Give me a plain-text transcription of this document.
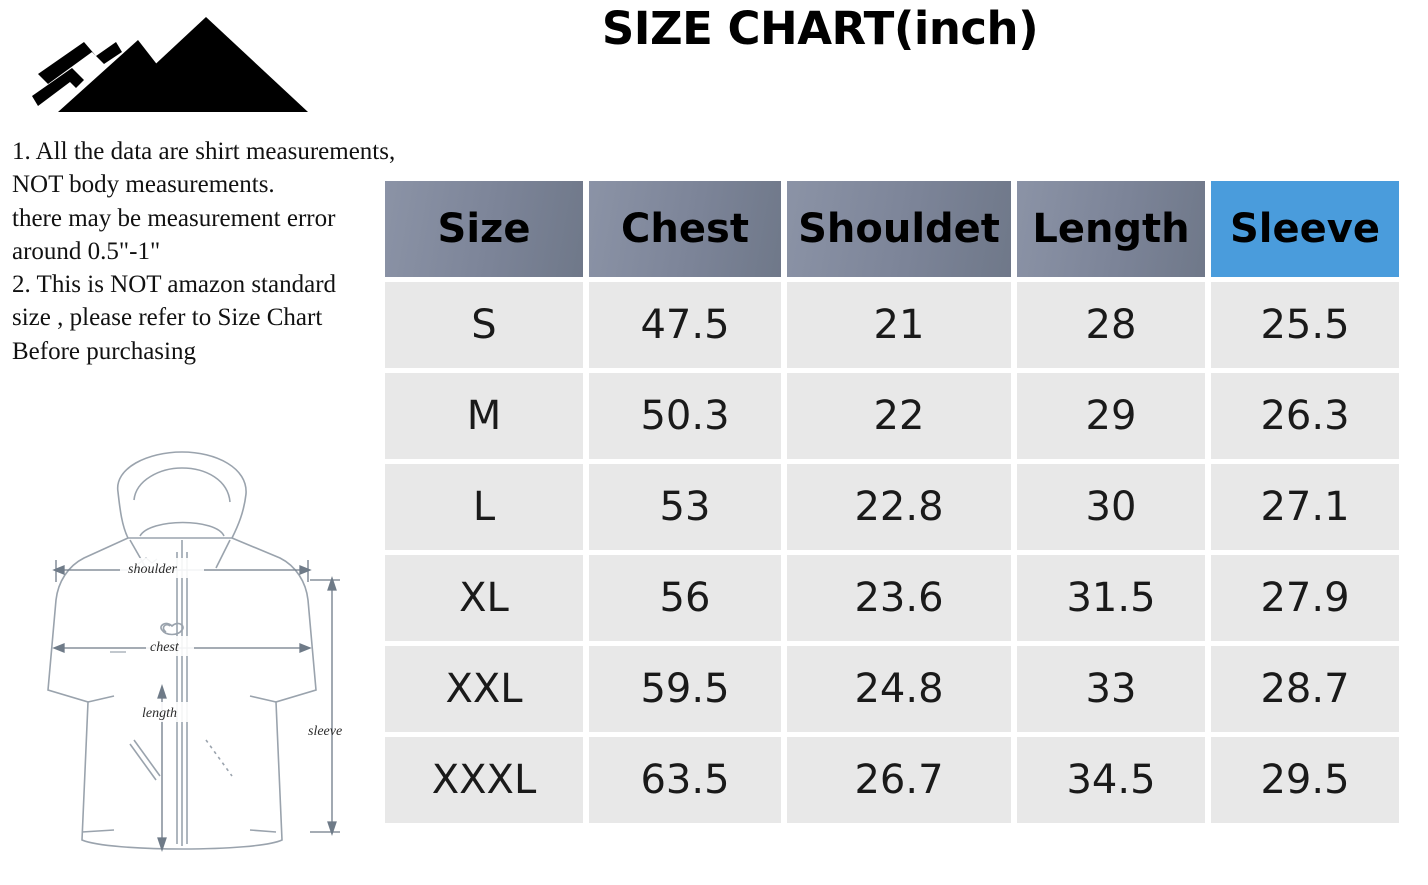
SIZE CHART(inch)
1. All the data are shirt measurements,
NOT body measurements.
there may be measurement error
around 0.5"-1"
2. This is NOT amazon standard
size , please refer to Size Chart
Before purchasing
shoulder
chest
length
sleeve
Size	Chest	Shouldet	Length	Sleeve
S	47.5	21	28	25.5
M	50.3	22	29	26.3
L	53	22.8	30	27.1
XL	56	23.6	31.5	27.9
XXL	59.5	24.8	33	28.7
XXXL	63.5	26.7	34.5	29.5
